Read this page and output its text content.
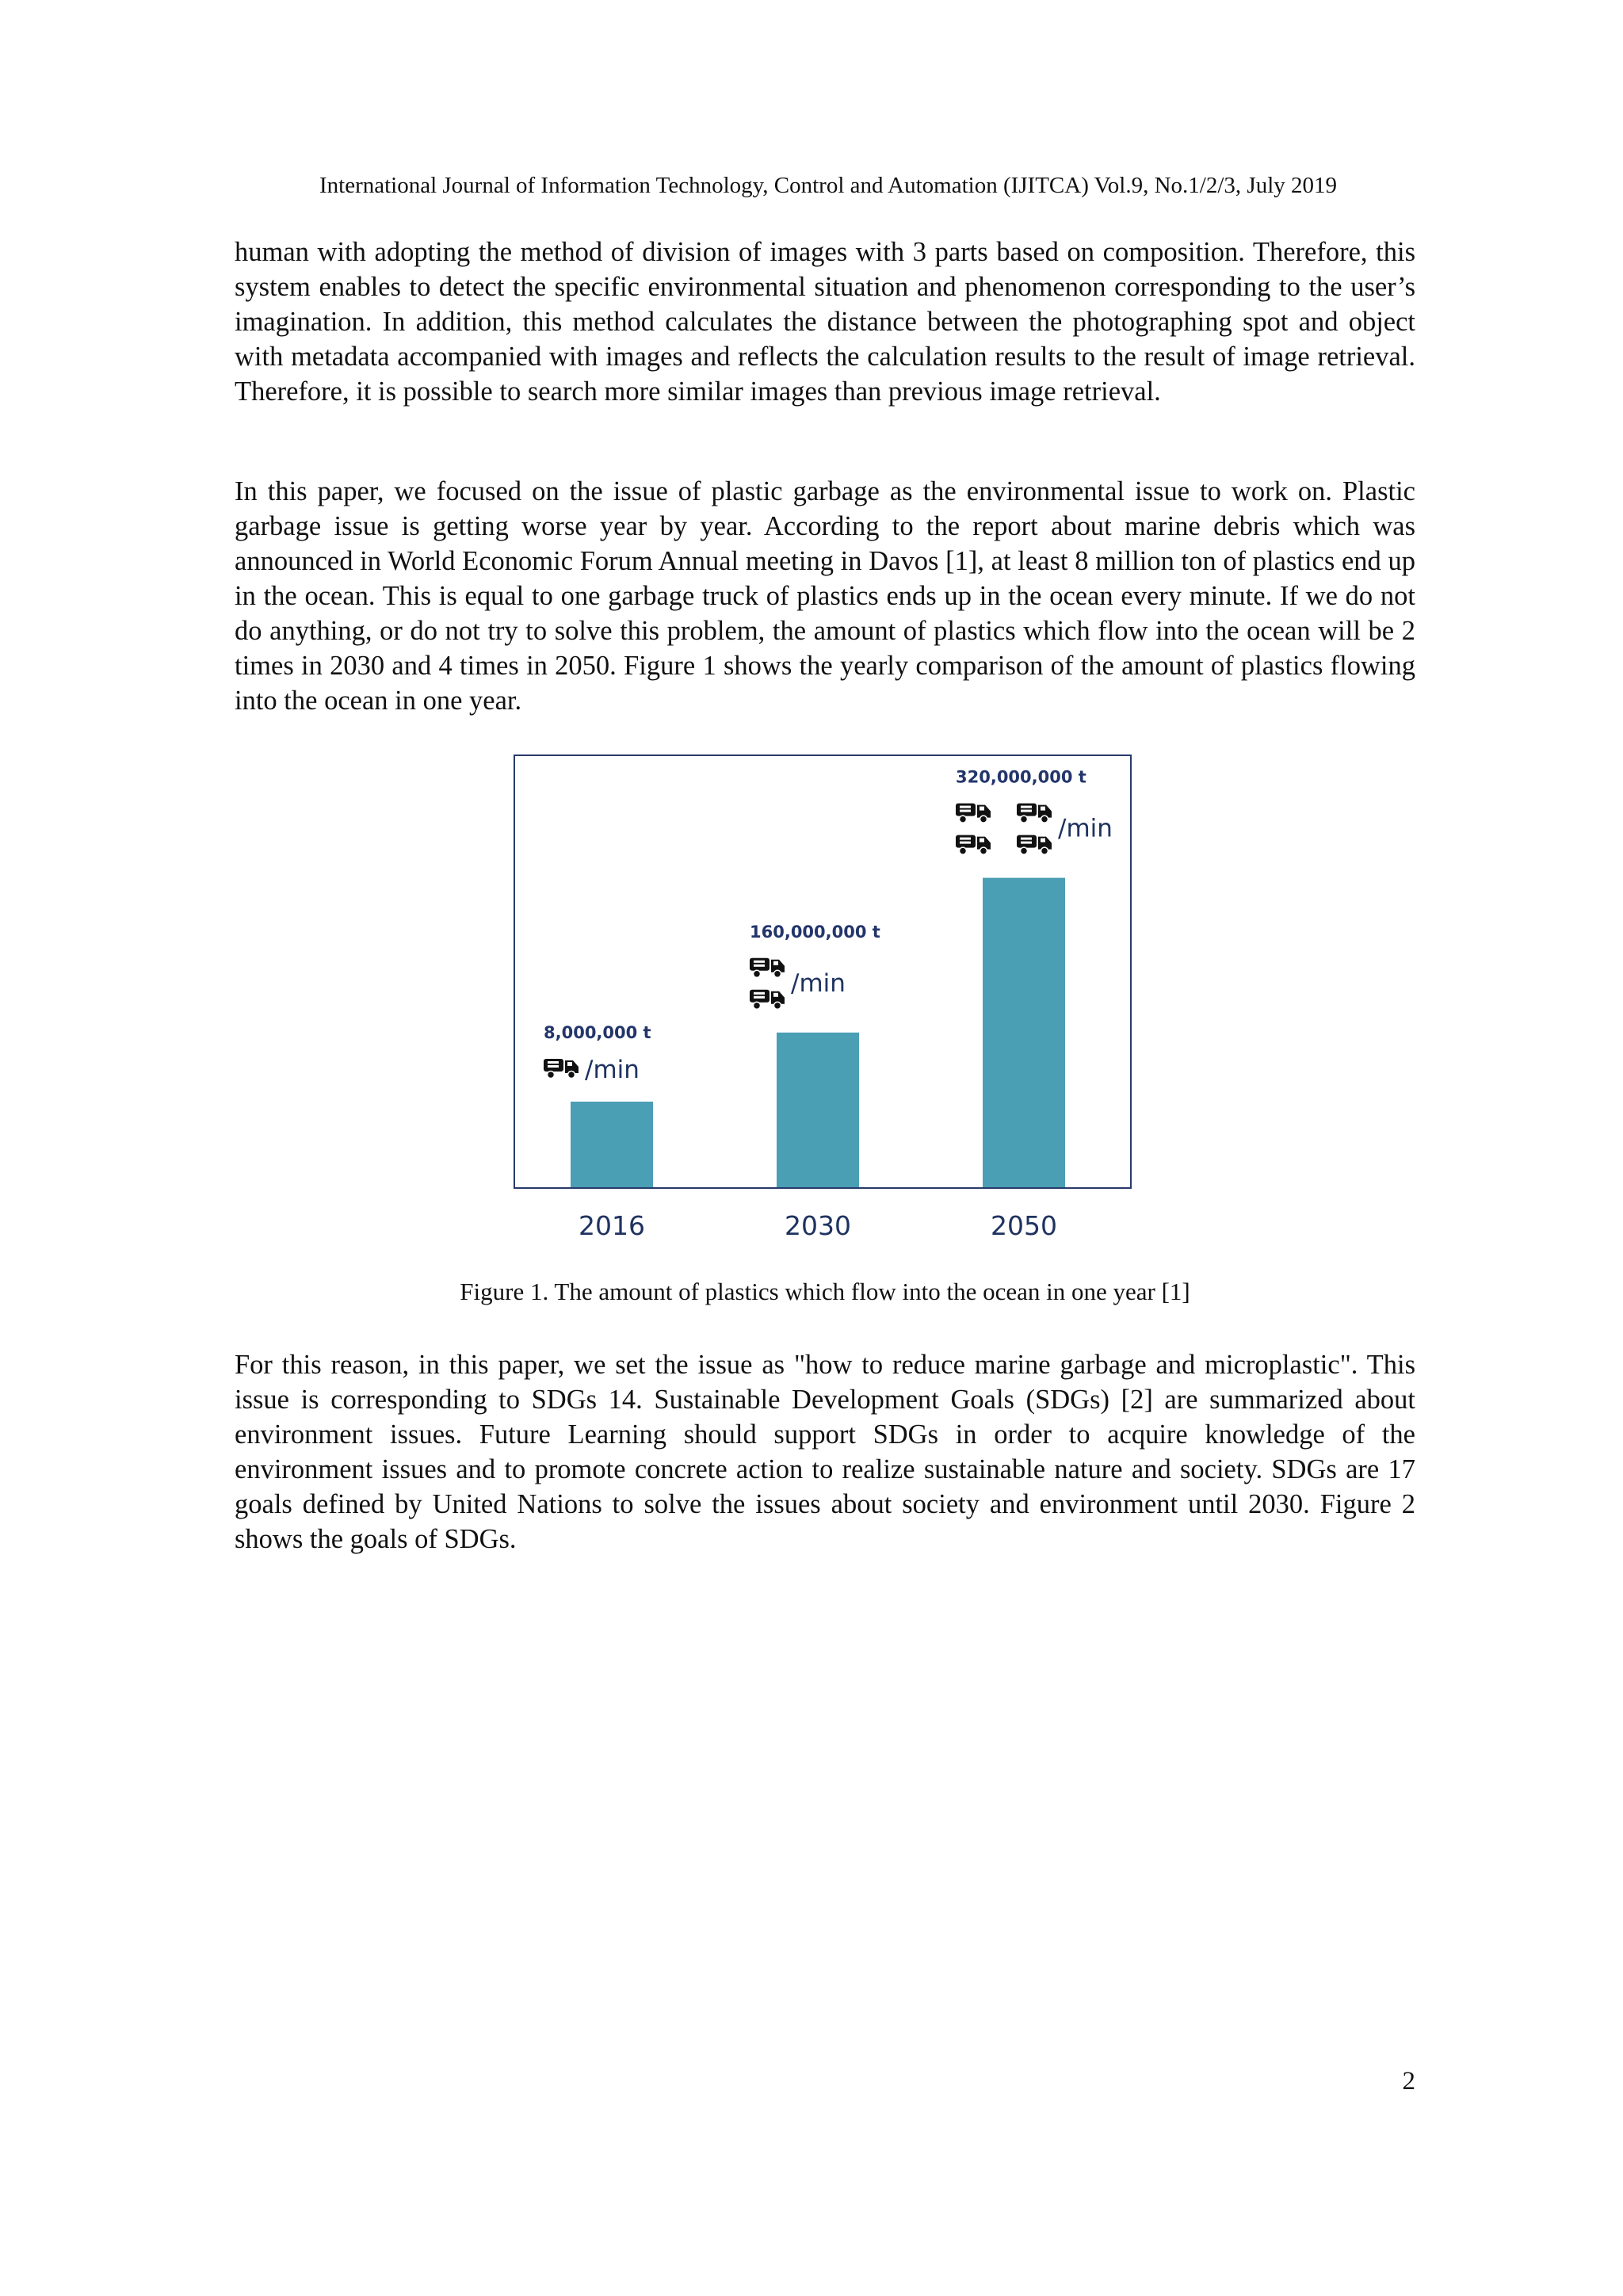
International Journal of Information Technology, Control and Automation (IJITCA) Vol.9, No.1/2/3, July 2019

human with adopting the method of division of images with 3 parts based on composition. Therefore, this system enables to detect the specific environmental situation and phenomenon corresponding to the user’s imagination. In addition, this method calculates the distance between the photographing spot and object with metadata accompanied with images and reflects the calculation results to the result of image retrieval. Therefore, it is possible to search more similar images than previous image retrieval.

In this paper, we focused on the issue of plastic garbage as the environmental issue to work on. Plastic garbage issue is getting worse year by year. According to the report about marine debris which was announced in World Economic Forum Annual meeting in Davos [1], at least 8 million ton of plastics end up in the ocean. This is equal to one garbage truck of plastics ends up in the ocean every minute. If we do not do anything, or do not try to solve this problem, the amount of plastics which flow into the ocean will be 2 times in 2030 and 4 times in 2050. Figure 1 shows the yearly comparison of the amount of plastics flowing into the ocean in one year.

2016
/min
8,000,000 t
2030
/min
160,000,000 t
2050
/min
320,000,000 t
Figure 1. The amount of plastics which flow into the ocean in one year [1]

For this reason, in this paper, we set the issue as "how to reduce marine garbage and microplastic". This issue is corresponding to SDGs 14. Sustainable Development Goals (SDGs) [2] are summarized about environment issues. Future Learning should support SDGs in order to acquire knowledge of the environment issues and to promote concrete action to realize sustainable nature and society. SDGs are 17 goals defined by United Nations to solve the issues about society and environment until 2030. Figure 2 shows the goals of SDGs.

2
